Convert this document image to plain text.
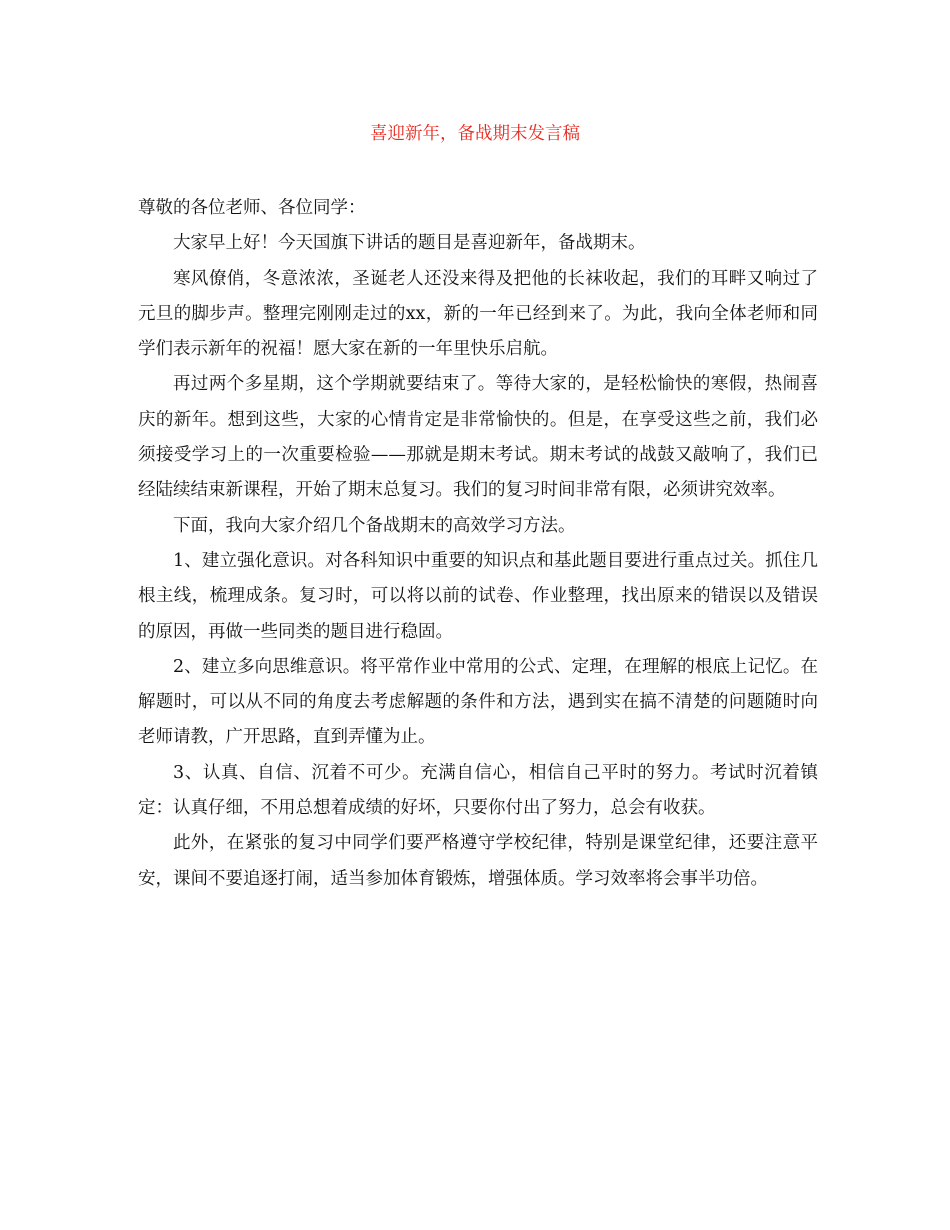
喜迎新年，备战期末发言稿

尊敬的各位老师、各位同学：

大家早上好！今天国旗下讲话的题目是喜迎新年，备战期末。

寒风僚俏，冬意浓浓，圣诞老人还没来得及把他的长袜收起，我们的耳畔又响过了元旦的脚步声。整理完刚刚走过的xx，新的一年已经到来了。为此，我向全体老师和同学们表示新年的祝福！愿大家在新的一年里快乐启航。

再过两个多星期，这个学期就要结束了。等待大家的，是轻松愉快的寒假，热闹喜庆的新年。想到这些，大家的心情肯定是非常愉快的。但是，在享受这些之前，我们必须接受学习上的一次重要检验——那就是期末考试。期末考试的战鼓又敲响了，我们已经陆续结束新课程，开始了期末总复习。我们的复习时间非常有限，必须讲究效率。

下面，我向大家介绍几个备战期末的高效学习方法。

1、建立强化意识。对各科知识中重要的知识点和基此题目要进行重点过关。抓住几根主线，梳理成条。复习时，可以将以前的试卷、作业整理，找出原来的错误以及错误的原因，再做一些同类的题目进行稳固。

2、建立多向思维意识。将平常作业中常用的公式、定理，在理解的根底上记忆。在解题时，可以从不同的角度去考虑解题的条件和方法，遇到实在搞不清楚的问题随时向老师请教，广开思路，直到弄懂为止。

3、认真、自信、沉着不可少。充满自信心，相信自己平时的努力。考试时沉着镇定：认真仔细，不用总想着成绩的好坏，只要你付出了努力，总会有收获。

此外，在紧张的复习中同学们要严格遵守学校纪律，特别是课堂纪律，还要注意平安，课间不要追逐打闹，适当参加体育锻炼，增强体质。学习效率将会事半功倍。
